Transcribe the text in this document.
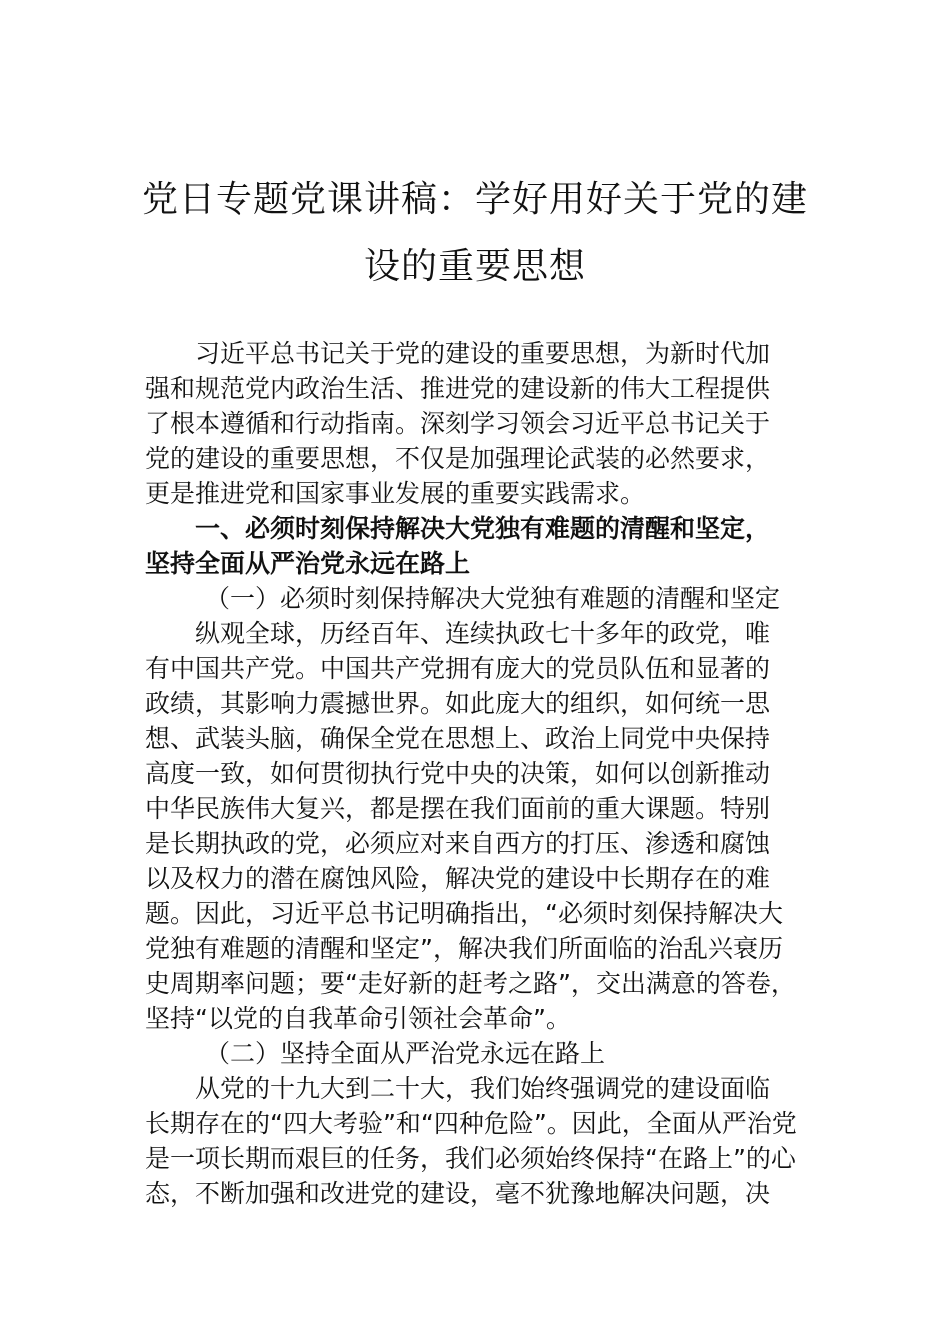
党日专题党课讲稿：学好用好关于党的建
设的重要思想
习近平总书记关于党的建设的重要思想，为新时代加
强和规范党内政治生活、推进党的建设新的伟大工程提供
了根本遵循和行动指南。深刻学习领会习近平总书记关于
党的建设的重要思想，不仅是加强理论武装的必然要求，
更是推进党和国家事业发展的重要实践需求。
一、必须时刻保持解决大党独有难题的清醒和坚定，
坚持全面从严治党永远在路上
（一）必须时刻保持解决大党独有难题的清醒和坚定
纵观全球，历经百年、连续执政七十多年的政党，唯
有中国共产党。中国共产党拥有庞大的党员队伍和显著的
政绩，其影响力震撼世界。如此庞大的组织，如何统一思
想、武装头脑，确保全党在思想上、政治上同党中央保持
高度一致，如何贯彻执行党中央的决策，如何以创新推动
中华民族伟大复兴，都是摆在我们面前的重大课题。特别
是长期执政的党，必须应对来自西方的打压、渗透和腐蚀
以及权力的潜在腐蚀风险，解决党的建设中长期存在的难
题。因此，习近平总书记明确指出，“必须时刻保持解决大
党独有难题的清醒和坚定”，解决我们所面临的治乱兴衰历
史周期率问题；要“走好新的赶考之路”，交出满意的答卷，
坚持“以党的自我革命引领社会革命”。
（二）坚持全面从严治党永远在路上
从党的十九大到二十大，我们始终强调党的建设面临
长期存在的“四大考验”和“四种危险”。因此，全面从严治党
是一项长期而艰巨的任务，我们必须始终保持“在路上”的心
态，不断加强和改进党的建设，毫不犹豫地解决问题，决
